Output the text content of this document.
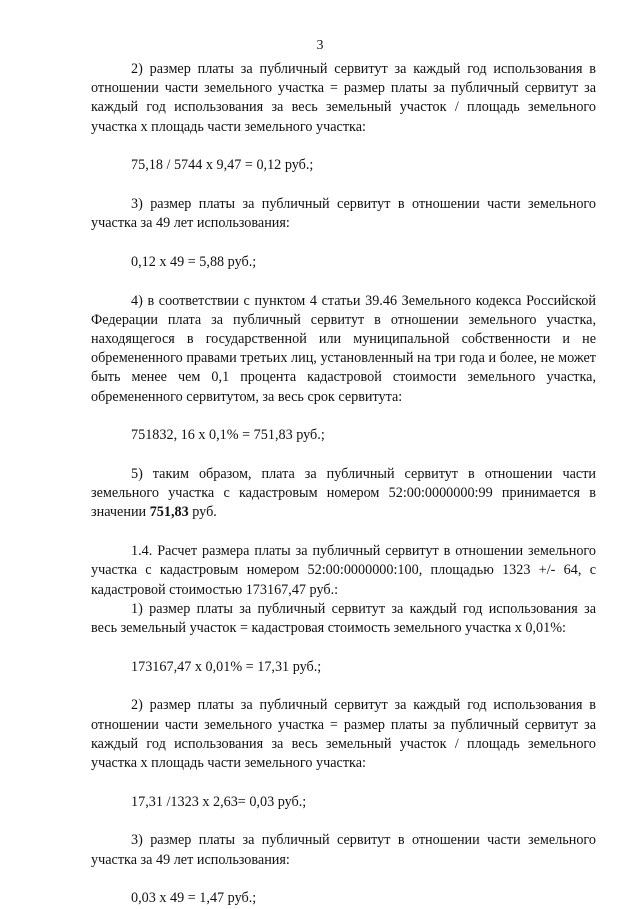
3

2) размер платы за публичный сервитут за каждый год использования в отношении части земельного участка = размер платы за публичный сервитут за каждый год использования за весь земельный участок / площадь земельного участка х площадь части земельного участка:

75,18 / 5744 х 9,47 = 0,12 руб.;

3) размер платы за публичный сервитут в отношении части земельного участка за 49 лет использования:

0,12 х 49 = 5,88 руб.;

4) в соответствии с пунктом 4 статьи 39.46 Земельного кодекса Российской Федерации плата за публичный сервитут в отношении земельного участка, находящегося в государственной или муниципальной собственности и не обремененного правами третьих лиц, установленный на три года и более, не может быть менее чем 0,1 процента кадастровой стоимости земельного участка, обремененного сервитутом, за весь срок сервитута:

751832, 16 х 0,1% = 751,83 руб.;

5) таким образом, плата за публичный сервитут в отношении части земельного участка с кадастровым номером 52:00:0000000:99 принимается в значении 751,83 руб.

1.4. Расчет размера платы за публичный сервитут в отношении земельного участка с кадастровым номером 52:00:0000000:100, площадью 1323 +/- 64, с кадастровой стоимостью 173167,47 руб.:

1) размер платы за публичный сервитут за каждый год использования за весь земельный участок = кадастровая стоимость земельного участка х 0,01%:

173167,47 х 0,01% = 17,31 руб.;

2) размер платы за публичный сервитут за каждый год использования в отношении части земельного участка = размер платы за публичный сервитут за каждый год использования за весь земельный участок / площадь земельного участка х площадь части земельного участка:

17,31 /1323 х 2,63= 0,03 руб.;

3) размер платы за публичный сервитут в отношении части земельного участка за 49 лет использования:

0,03 х 49 = 1,47 руб.;
